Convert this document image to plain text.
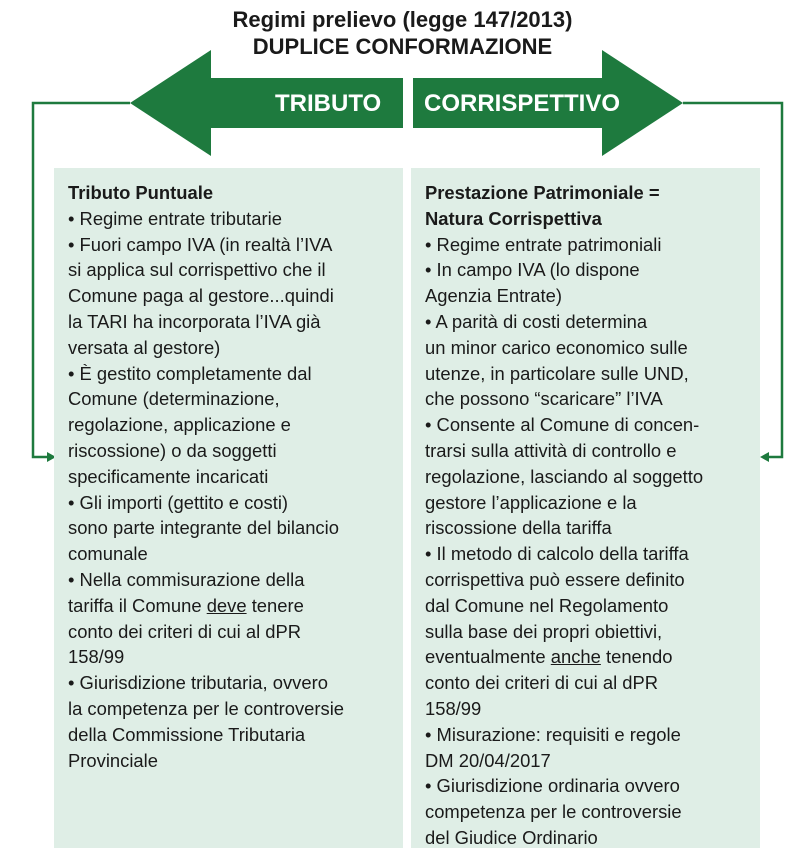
Regimi prelievo (legge 147/2013)
DUPLICE CONFORMAZIONE
TRIBUTO CORRISPETTIVO
Tributo Puntuale
• Regime entrate tributarie
• Fuori campo IVA (in realtà l’IVA
si applica sul corrispettivo che il
Comune paga al gestore...quindi
la TARI ha incorporata l’IVA già
versata al gestore)
• È gestito completamente dal
Comune (determinazione,
regolazione, applicazione e
riscossione) o da soggetti
specificamente incaricati
• Gli importi (gettito e costi)
sono parte integrante del bilancio
comunale
• Nella commisurazione della
tariffa il Comune deve tenere
conto dei criteri di cui al dPR
158/99
• Giurisdizione tributaria, ovvero
la competenza per le controversie
della Commissione Tributaria
Provinciale
Prestazione Patrimoniale =
Natura Corrispettiva
• Regime entrate patrimoniali
• In campo IVA (lo dispone
Agenzia Entrate)
• A parità di costi determina
un minor carico economico sulle
utenze, in particolare sulle UND,
che possono “scaricare” l’IVA
• Consente al Comune di concen-
trarsi sulla attività di controllo e
regolazione, lasciando al soggetto
gestore l’applicazione e la
riscossione della tariffa
• Il metodo di calcolo della tariffa
corrispettiva può essere definito
dal Comune nel Regolamento
sulla base dei propri obiettivi,
eventualmente anche tenendo
conto dei criteri di cui al dPR
158/99
• Misurazione: requisiti e regole
DM 20/04/2017
• Giurisdizione ordinaria ovvero
competenza per le controversie
del Giudice Ordinario
